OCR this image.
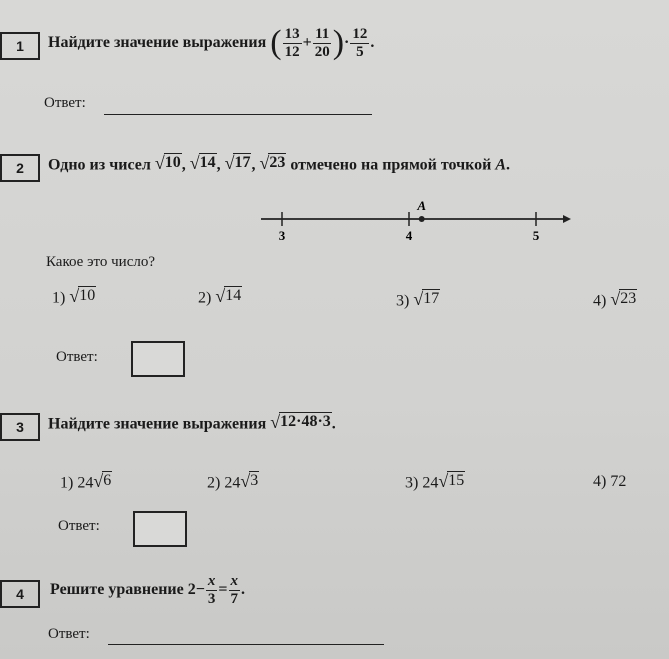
1 Найдите значение выражения
( $\frac{13}{12} + \frac{11}{20}$ ) · $\frac{12}{5}$ .
Ответ:
2 Одно из чисел √ 10 , √ 14 , √ 17 , √ 23 отмечено на прямой точкой A.
A
3	4	5
Какое это число?
1) √ 10	2) √ 14	3) √ 17	4) √ 23
Ответ:
3 Найдите значение выражения √ 12·48·3 .
1) 24 √ 6	2) 24 √ 3	3) 24 √ 15	4) 72
Ответ:
4 Решите уравнение
$2 - \frac{x}{3} = \frac{x}{7}$ .
Ответ:
